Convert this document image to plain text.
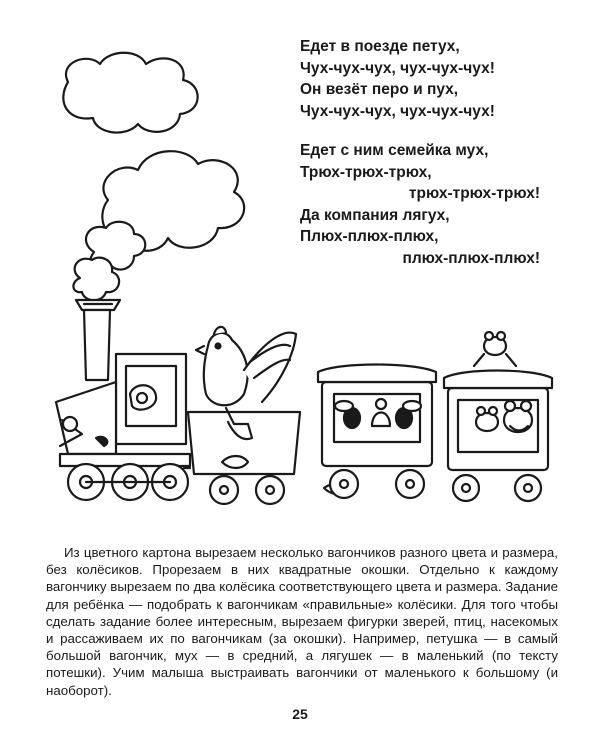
Едет в поезде петух,
Чух-чух-чух, чух-чух-чух!
Он везёт перо и пух,
Чух-чух-чух, чух-чух-чух!
Едет с ним семейка мух,
Трюх-трюх-трюх,
трюх-трюх-трюх!
Да компания лягух,
Плюх-плюх-плюх,
плюх-плюх-плюх!
Из цветного картона вырезаем несколько вагончиков разного цвета и размера, без колёсиков. Прорезаем в них квадратные окошки. Отдельно к каждому вагончику вырезаем по два колёсика соответствующего цвета и размера. Задание для ребёнка — подобрать к вагончикам «правильные» колёсики. Для того чтобы сделать задание более интересным, вырезаем фигурки зверей, птиц, насекомых и рассаживаем их по вагончикам (за окошки). Например, петушка — в самый большой вагончик, мух — в средний, а лягушек — в маленький (по тексту потешки). Учим малыша выстраивать вагончики от маленького к большому (и наоборот).
25
